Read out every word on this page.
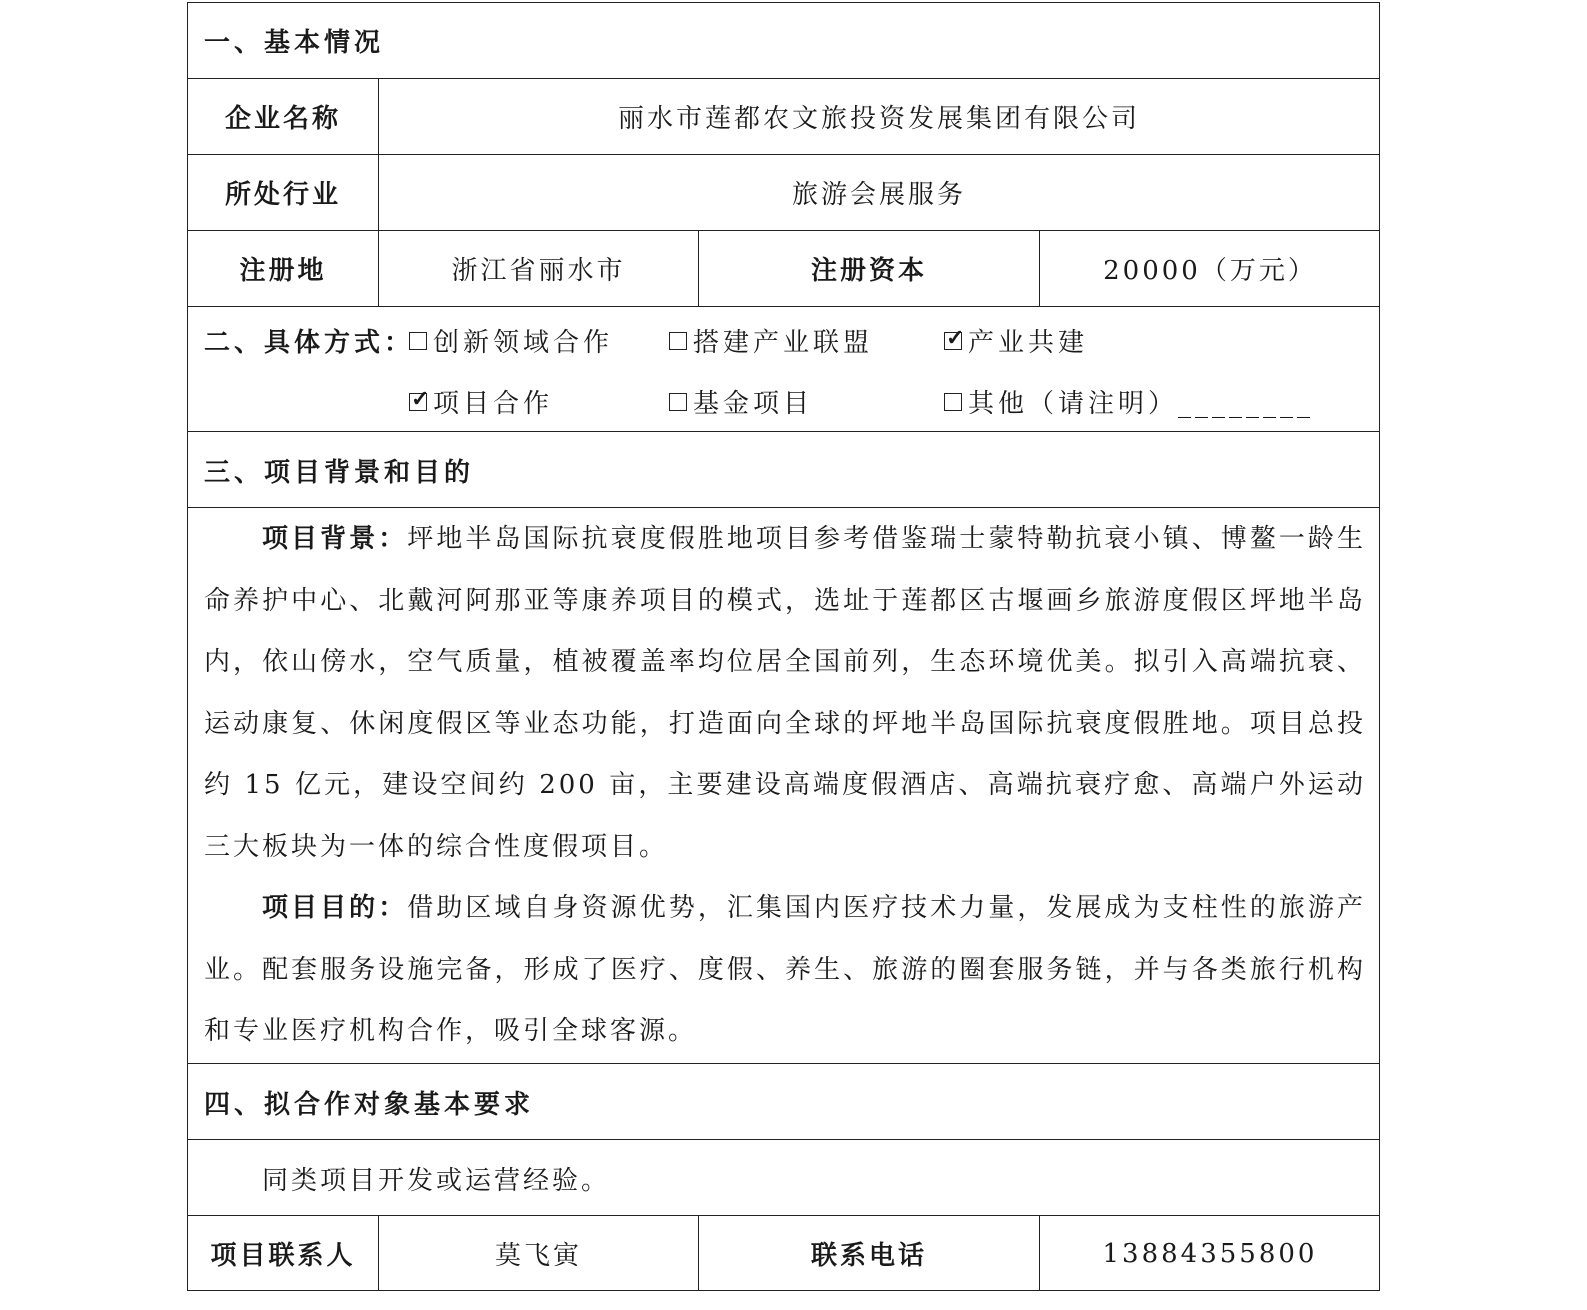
一、基本情况
企业名称	丽水市莲都农文旅投资发展集团有限公司
所处行业	旅游会展服务
注册地	浙江省丽水市	注册资本	20000（万元）
二、具体方式： 创新领域合作	搭建产业联盟	✓ 产业共建
✓ 项目合作	基金项目	其他（请注明）________
三、项目背景和目的
项目背景：坪地半岛国际抗衰度假胜地项目参考借鉴瑞士蒙特勒抗衰小镇、博鳌一龄生命养护中心、北戴河阿那亚等康养项目的模式，选址于莲都区古堰画乡旅游度假区坪地半岛内，依山傍水，空气质量，植被覆盖率均位居全国前列，生态环境优美。拟引入高端抗衰、运动康复、休闲度假区等业态功能，打造面向全球的坪地半岛国际抗衰度假胜地。项目总投约 15 亿元，建设空间约 200 亩，主要建设高端度假酒店、高端抗衰疗愈、高端户外运动三大板块为一体的综合性度假项目。
项目目的：借助区域自身资源优势，汇集国内医疗技术力量，发展成为支柱性的旅游产业。配套服务设施完备，形成了医疗、度假、养生、旅游的圈套服务链，并与各类旅行机构和专业医疗机构合作，吸引全球客源。
四、拟合作对象基本要求
同类项目开发或运营经验。
项目联系人	莫飞寅	联系电话	13884355800
